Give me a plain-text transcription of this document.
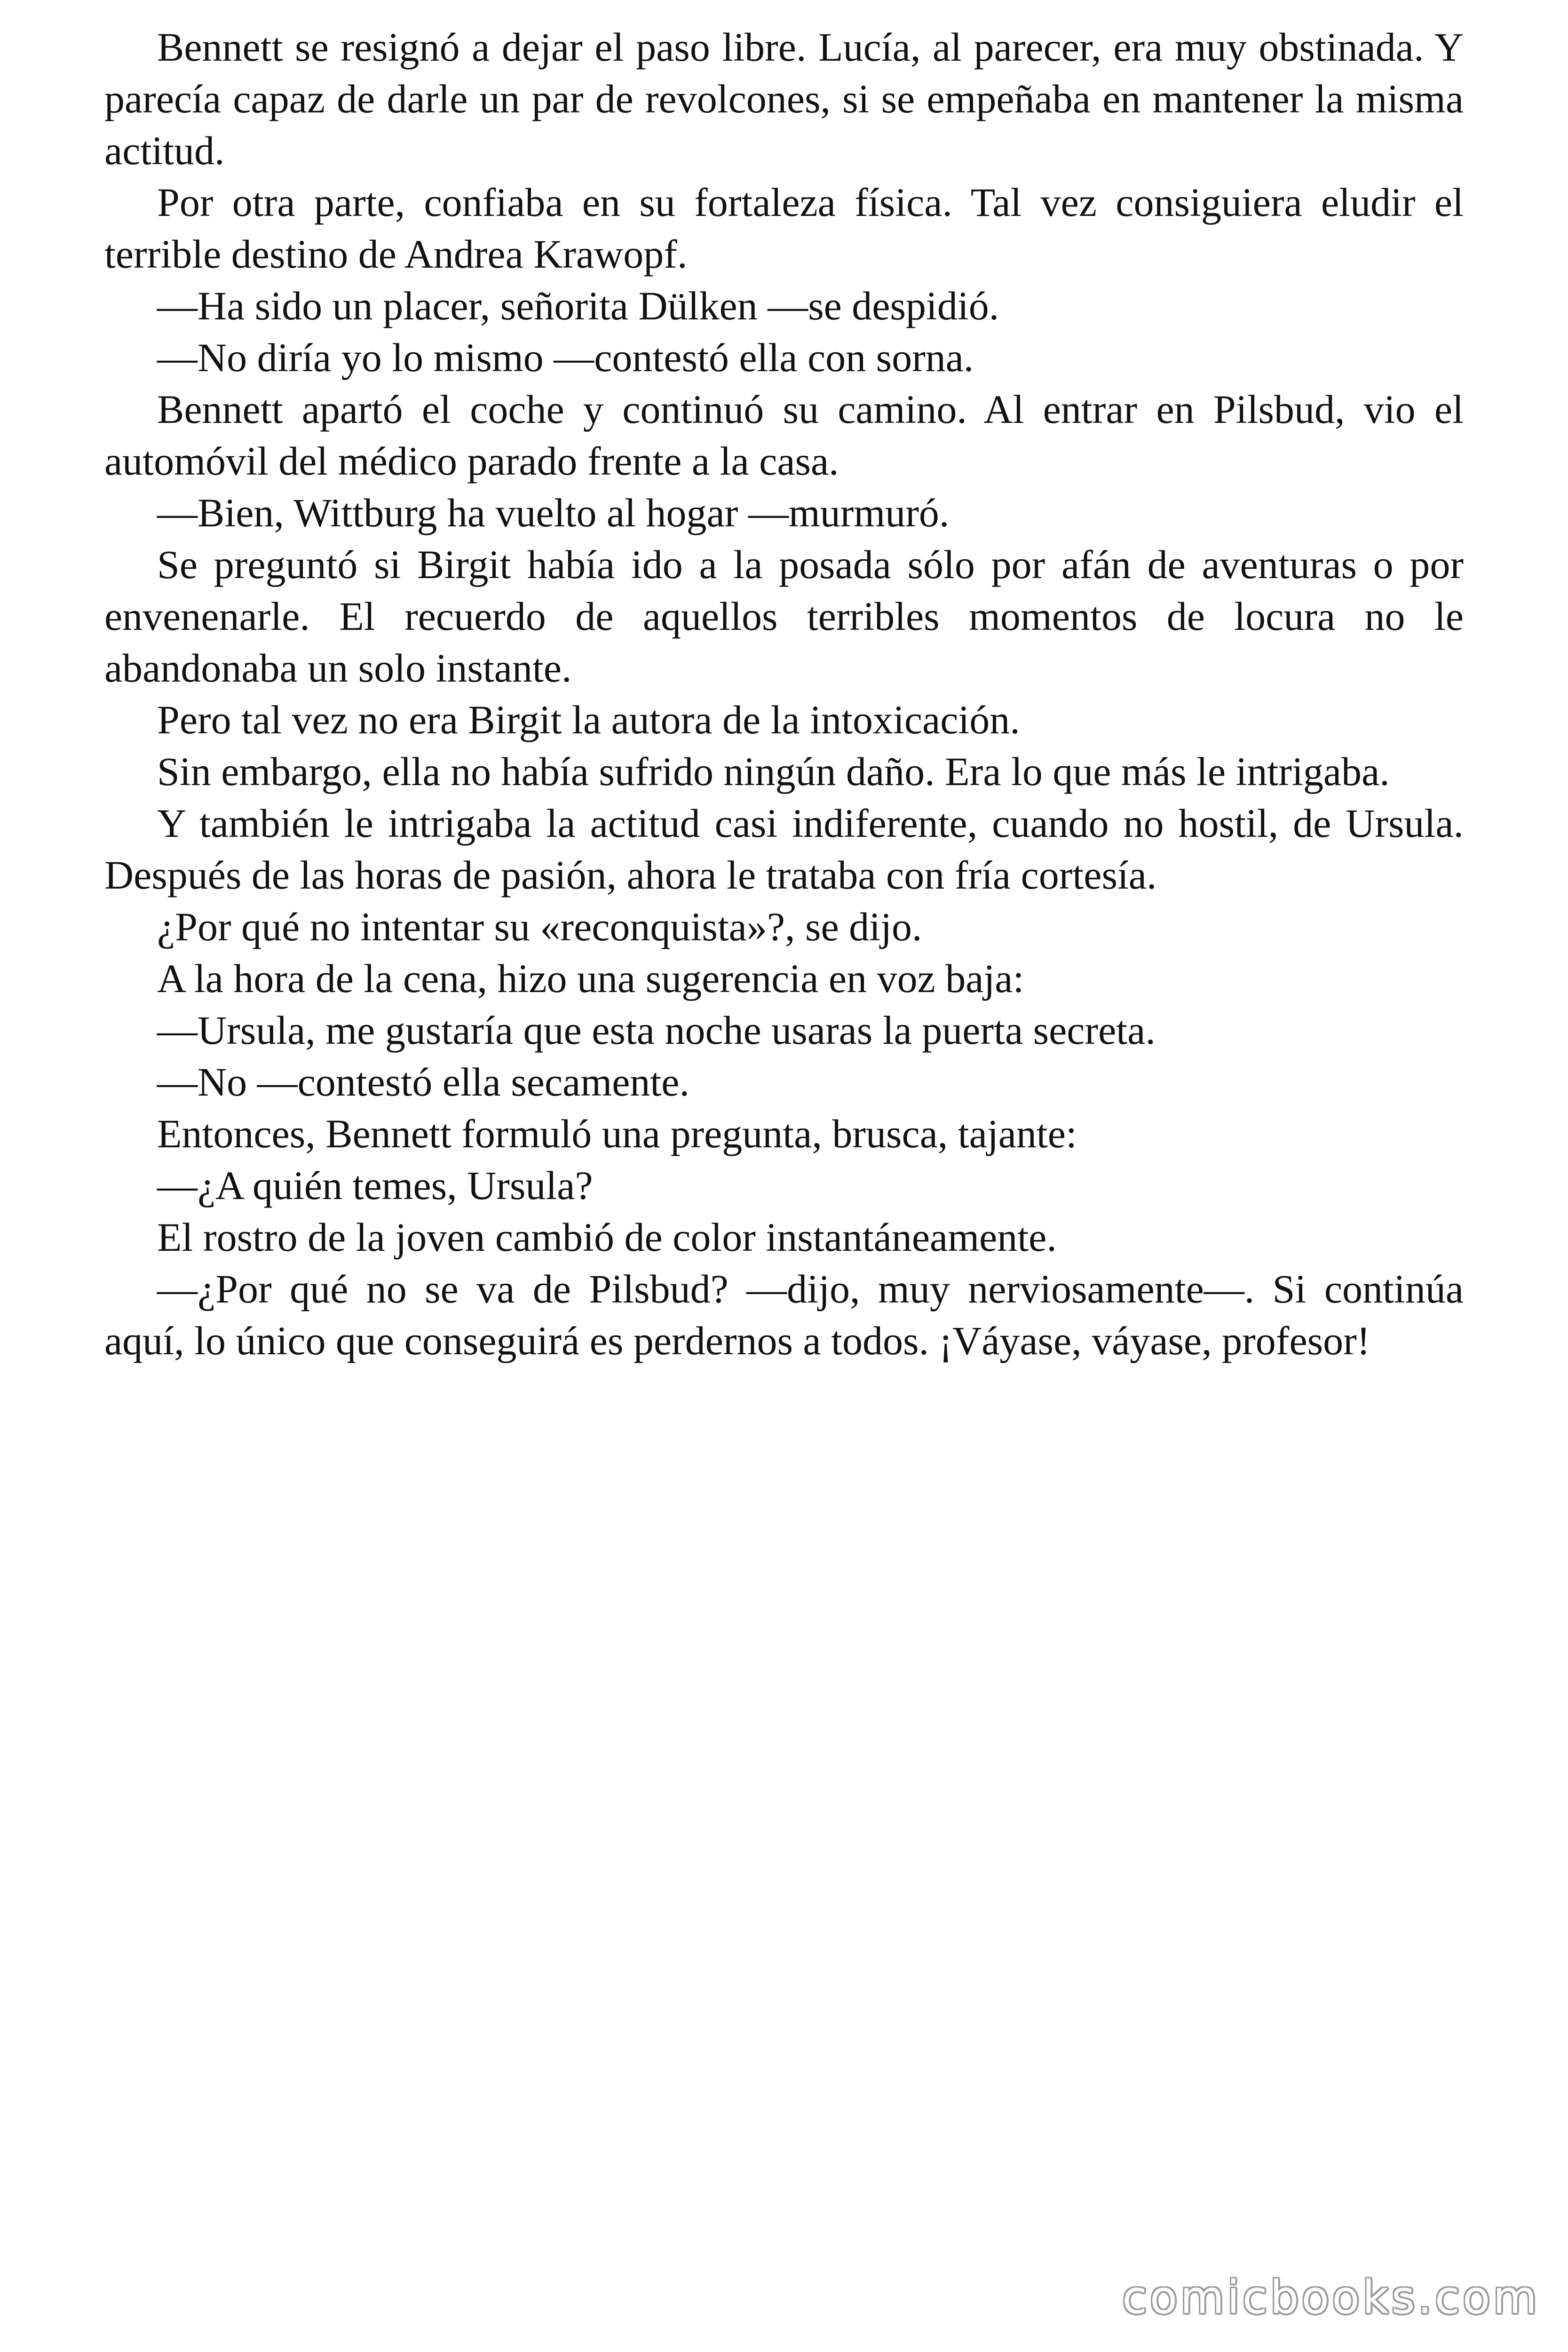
Bennett se resignó a dejar el paso libre. Lucía, al parecer, era muy obstinada. Y parecía capaz de darle un par de revolcones, si se empeñaba en mantener la misma actitud.

Por otra parte, confiaba en su fortaleza física. Tal vez consiguiera eludir el terrible destino de Andrea Krawopf.

—Ha sido un placer, señorita Dülken —se despidió.

—No diría yo lo mismo —contestó ella con sorna.

Bennett apartó el coche y continuó su camino. Al entrar en Pilsbud, vio el automóvil del médico parado frente a la casa.

—Bien, Wittburg ha vuelto al hogar —murmuró.

Se preguntó si Birgit había ido a la posada sólo por afán de aventuras o por envenenarle. El recuerdo de aquellos terribles momentos de locura no le abandonaba un solo instante.

Pero tal vez no era Birgit la autora de la intoxicación.

Sin embargo, ella no había sufrido ningún daño. Era lo que más le intrigaba.

Y también le intrigaba la actitud casi indiferente, cuando no hostil, de Ursula. Después de las horas de pasión, ahora le trataba con fría cortesía.

¿Por qué no intentar su «reconquista»?, se dijo.

A la hora de la cena, hizo una sugerencia en voz baja:

—Ursula, me gustaría que esta noche usaras la puerta secreta.

—No —contestó ella secamente.

Entonces, Bennett formuló una pregunta, brusca, tajante:

—¿A quién temes, Ursula?

El rostro de la joven cambió de color instantáneamente.

—¿Por qué no se va de Pilsbud? —dijo, muy nerviosamente—. Si continúa aquí, lo único que conseguirá es perdernos a todos. ¡Váyase, váyase, profesor!

comicbooks.com
